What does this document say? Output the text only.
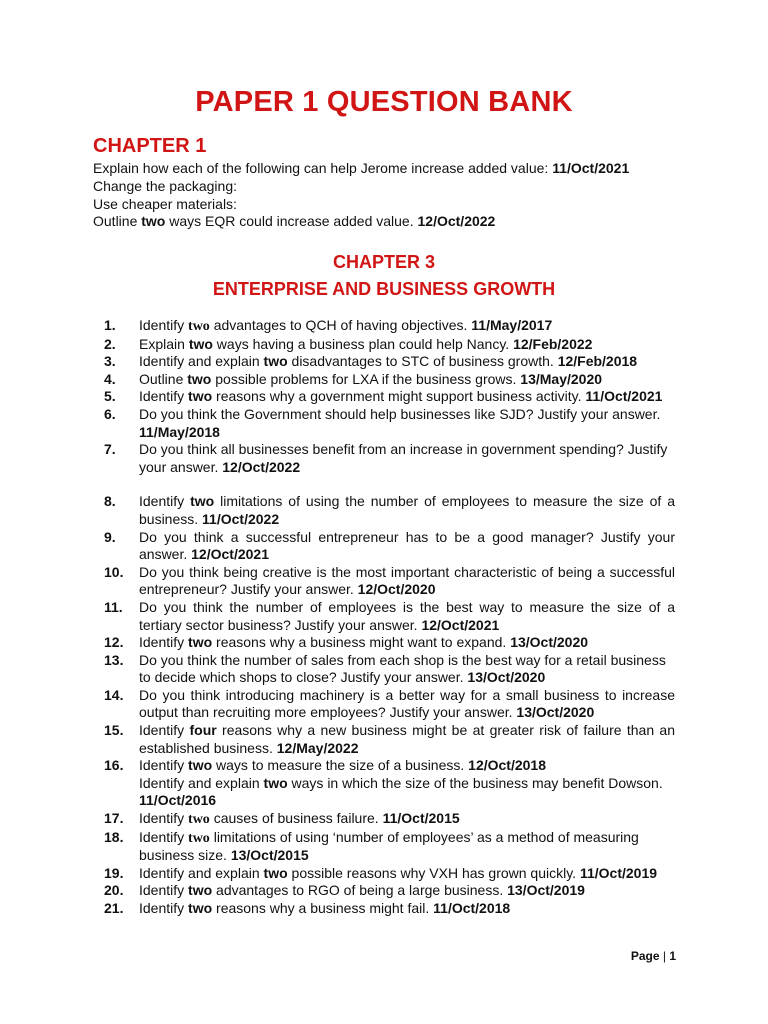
PAPER 1 QUESTION BANK
CHAPTER 1
Explain how each of the following can help Jerome increase added value: 11/Oct/2021
Change the packaging:
Use cheaper materials:
Outline two ways EQR could increase added value. 12/Oct/2022
CHAPTER 3
ENTERPRISE AND BUSINESS GROWTH
1.	Identify two advantages to QCH of having objectives. 11/May/2017
2.	Explain two ways having a business plan could help Nancy. 12/Feb/2022
3.	Identify and explain two disadvantages to STC of business growth. 12/Feb/2018
4.	Outline two possible problems for LXA if the business grows. 13/May/2020
5.	Identify two reasons why a government might support business activity. 11/Oct/2021
6.	Do you think the Government should help businesses like SJD? Justify your answer.
11/May/2018
7.	Do you think all businesses benefit from an increase in government spending? Justify your answer. 12/Oct/2022
8.	Identify two limitations of using the number of employees to measure the size of a business. 11/Oct/2022
9.	Do you think a successful entrepreneur has to be a good manager? Justify your answer. 12/Oct/2021
10.	Do you think being creative is the most important characteristic of being a successful entrepreneur? Justify your answer. 12/Oct/2020
11.	Do you think the number of employees is the best way to measure the size of a tertiary sector business? Justify your answer. 12/Oct/2021
12.	Identify two reasons why a business might want to expand. 13/Oct/2020
13.	Do you think the number of sales from each shop is the best way for a retail business to decide which shops to close? Justify your answer. 13/Oct/2020
14.	Do you think introducing machinery is a better way for a small business to increase output than recruiting more employees? Justify your answer. 13/Oct/2020
15.	Identify four reasons why a new business might be at greater risk of failure than an established business. 12/May/2022
16.	Identify two ways to measure the size of a business. 12/Oct/2018
Identify and explain two ways in which the size of the business may benefit Dowson.
11/Oct/2016
17.	Identify two causes of business failure. 11/Oct/2015
18.	Identify two limitations of using ‘number of employees’ as a method of measuring business size. 13/Oct/2015
19.	Identify and explain two possible reasons why VXH has grown quickly. 11/Oct/2019
20.	Identify two advantages to RGO of being a large business. 13/Oct/2019
21.	Identify two reasons why a business might fail. 11/Oct/2018
Page | 1
